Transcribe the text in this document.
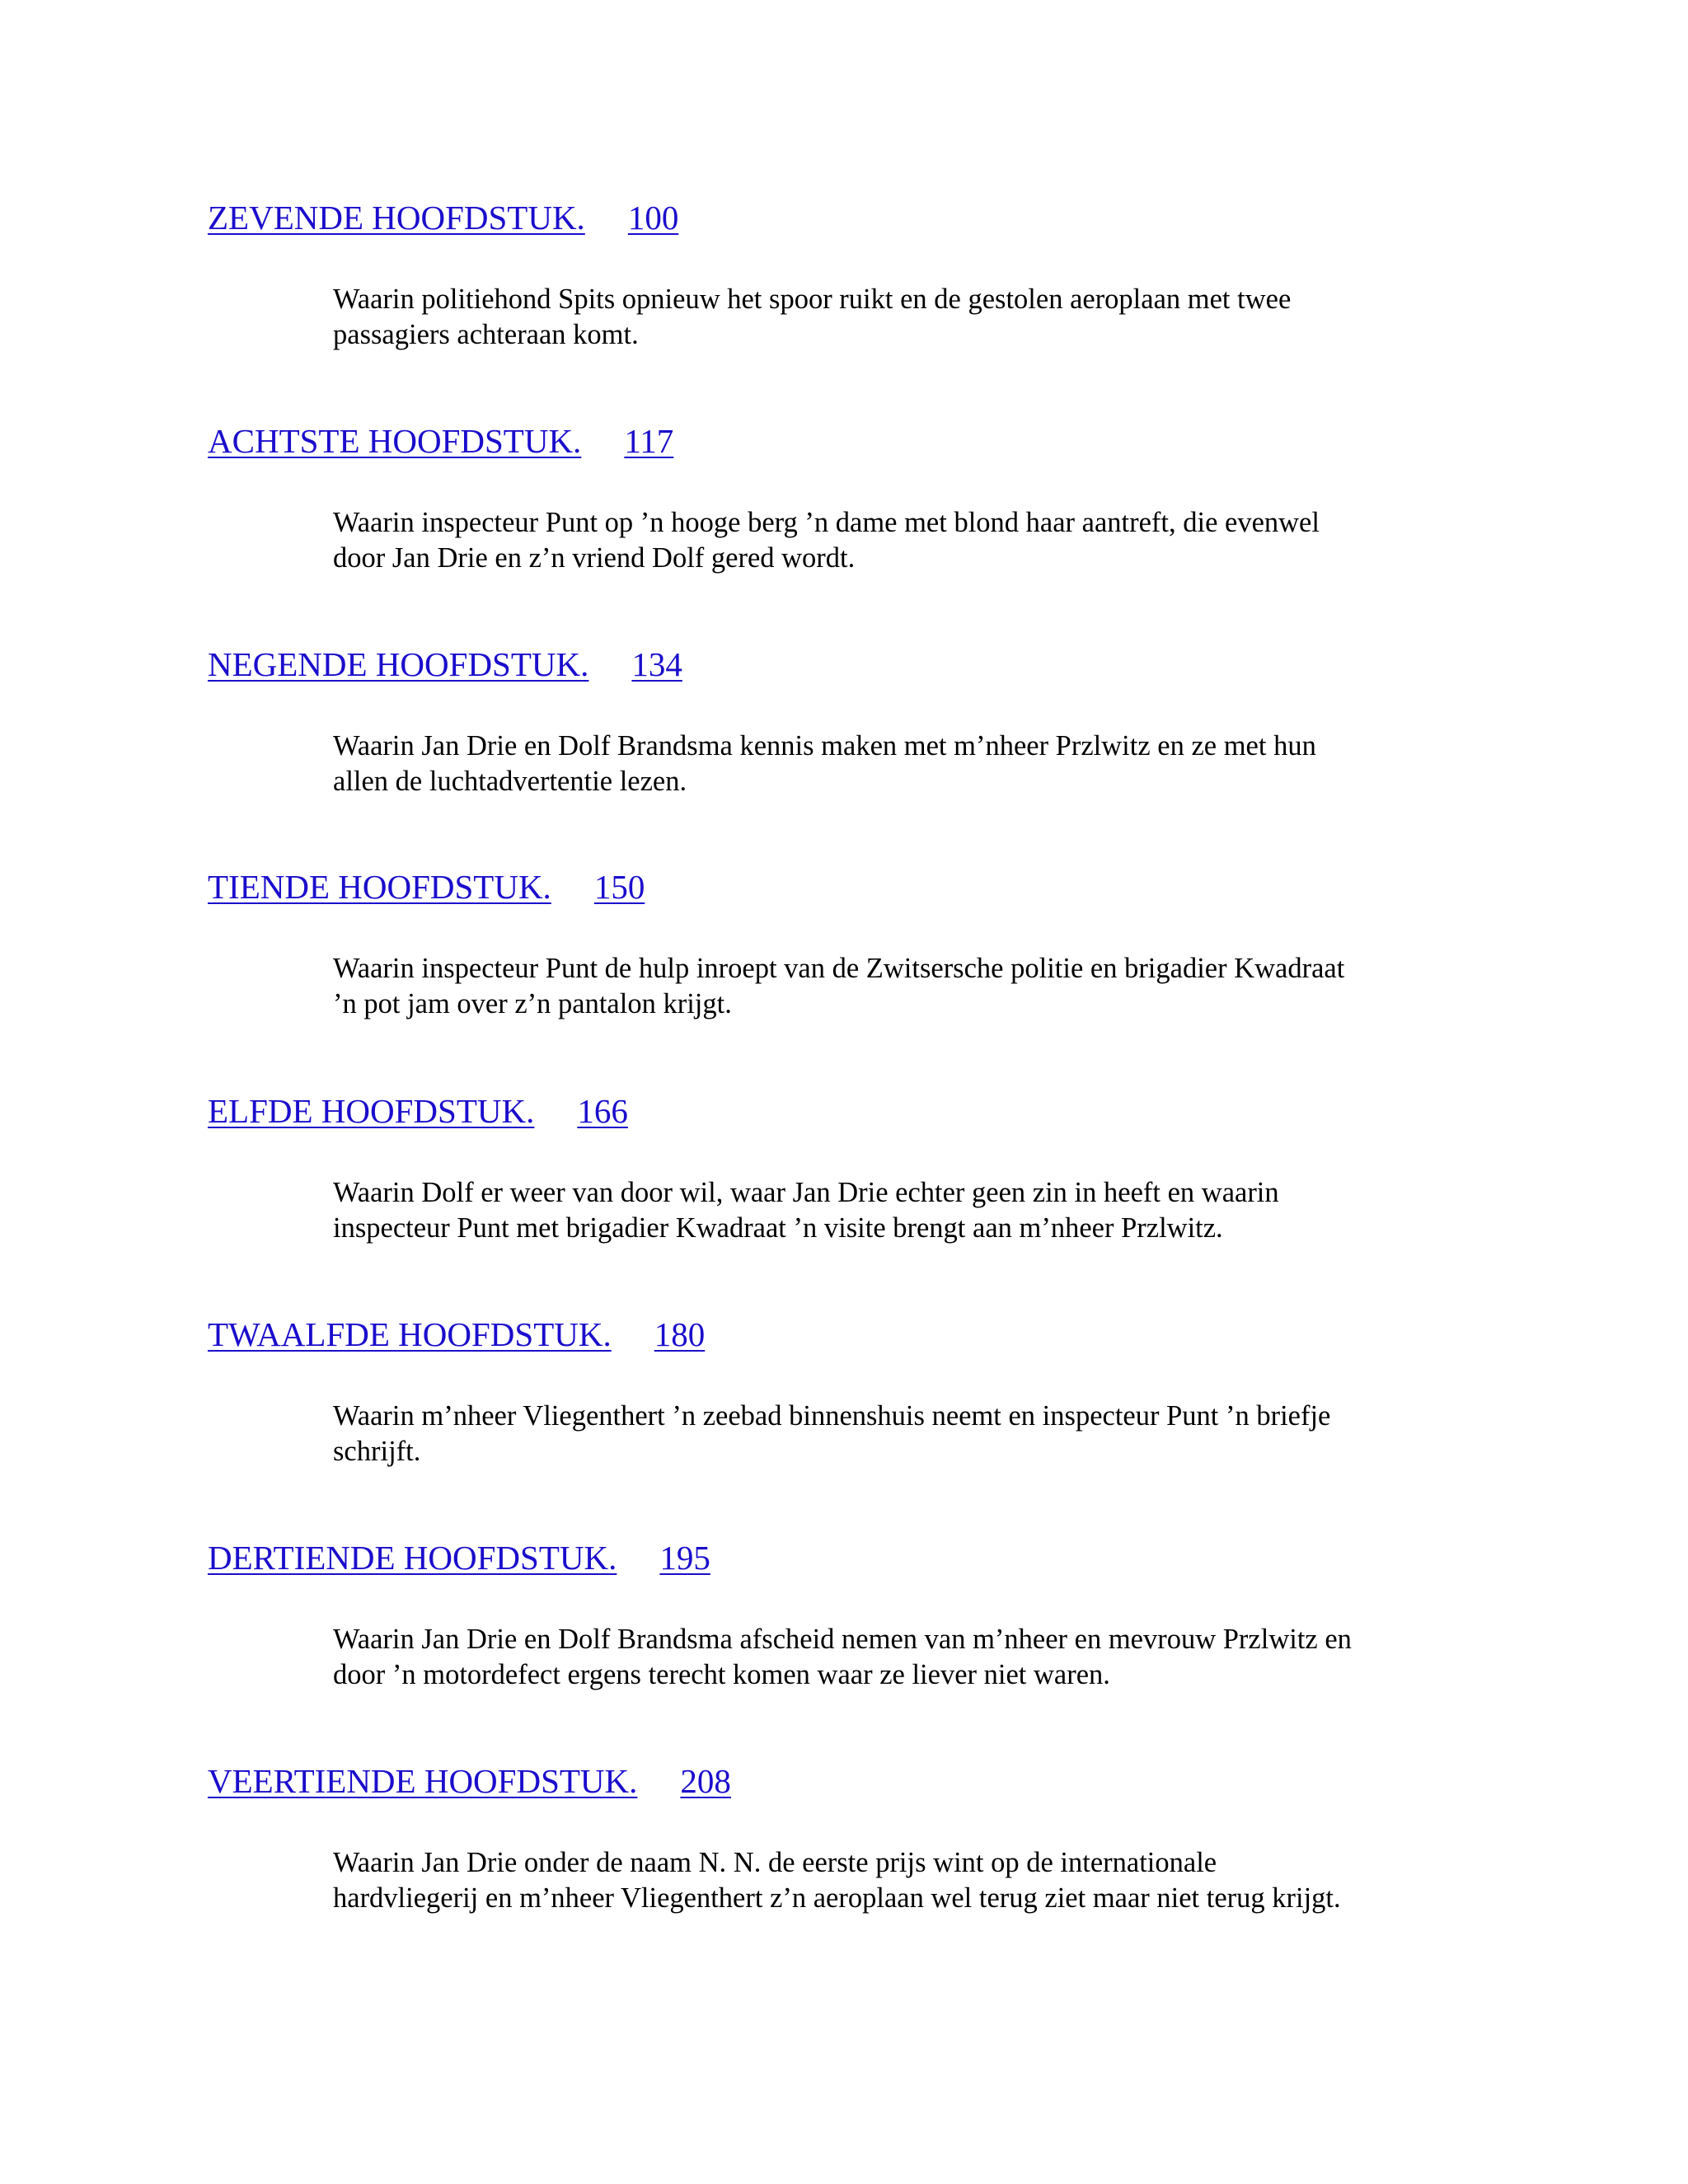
ZEVENDE HOOFDSTUK. 100

Waarin politiehond Spits opnieuw het spoor ruikt en de gestolen aeroplaan met twee passagiers achteraan komt.

ACHTSTE HOOFDSTUK. 117

Waarin inspecteur Punt op ’n hooge berg ’n dame met blond haar aantreft, die evenwel door Jan Drie en z’n vriend Dolf gered wordt.

NEGENDE HOOFDSTUK. 134

Waarin Jan Drie en Dolf Brandsma kennis maken met m’nheer Przlwitz en ze met hun allen de luchtadvertentie lezen.

TIENDE HOOFDSTUK. 150

Waarin inspecteur Punt de hulp inroept van de Zwitsersche politie en brigadier Kwadraat ’n pot jam over z’n pantalon krijgt.

ELFDE HOOFDSTUK. 166

Waarin Dolf er weer van door wil, waar Jan Drie echter geen zin in heeft en waarin inspecteur Punt met brigadier Kwadraat ’n visite brengt aan m’nheer Przlwitz.

TWAALFDE HOOFDSTUK. 180

Waarin m’nheer Vliegenthert ’n zeebad binnenshuis neemt en inspecteur Punt ’n briefje schrijft.

DERTIENDE HOOFDSTUK. 195

Waarin Jan Drie en Dolf Brandsma afscheid nemen van m’nheer en mevrouw Przlwitz en door ’n motordefect ergens terecht komen waar ze liever niet waren.

VEERTIENDE HOOFDSTUK. 208

Waarin Jan Drie onder de naam N. N. de eerste prijs wint op de internationale hardvliegerij en m’nheer Vliegenthert z’n aeroplaan wel terug ziet maar niet terug krijgt.
